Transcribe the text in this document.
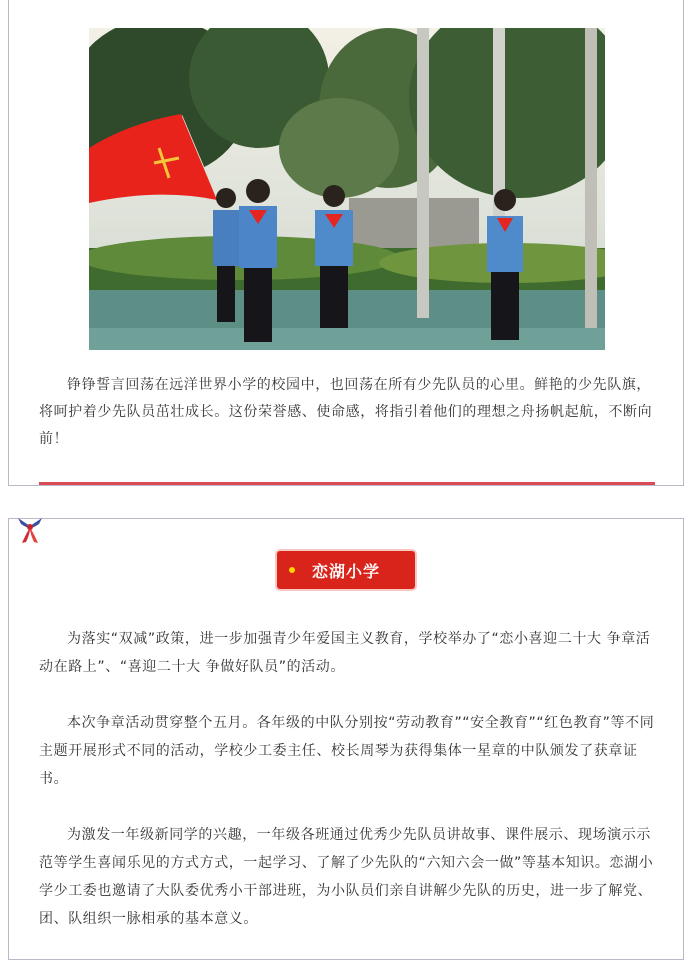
铮铮誓言回荡在远洋世界小学的校园中，也回荡在所有少先队员的心里。鲜艳的少先队旗，将呵护着少先队员茁壮成长。这份荣誉感、使命感，将指引着他们的理想之舟扬帆起航，不断向前！

恋湖小学

为落实“双减”政策，进一步加强青少年爱国主义教育，学校举办了“恋小喜迎二十大 争章活动在路上”、“喜迎二十大 争做好队员”的活动。

本次争章活动贯穿整个五月。各年级的中队分别按“劳动教育”“安全教育”“红色教育”等不同主题开展形式不同的活动，学校少工委主任、校长周琴为获得集体一星章的中队颁发了获章证书。

为激发一年级新同学的兴趣，一年级各班通过优秀少先队员讲故事、课件展示、现场演示示范等学生喜闻乐见的方式方式，一起学习、了解了少先队的“六知六会一做”等基本知识。恋湖小学少工委也邀请了大队委优秀小干部进班，为小队员们亲自讲解少先队的历史，进一步了解党、团、队组织一脉相承的基本意义。
